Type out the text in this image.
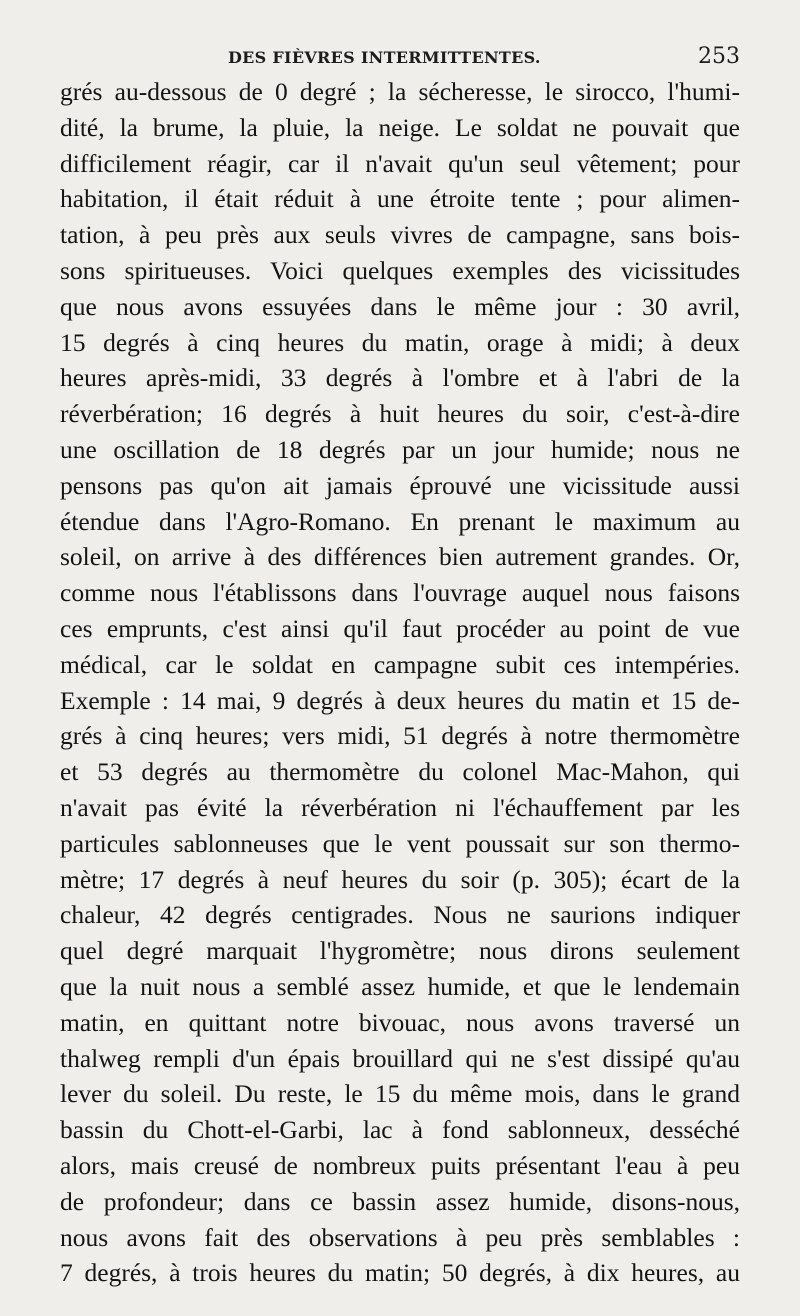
DES FIÈVRES INTERMITTENTES.	253
grés au-dessous de 0 degré ; la sécheresse, le sirocco, l'humi-
dité, la brume, la pluie, la neige. Le soldat ne pouvait que
difficilement réagir, car il n'avait qu'un seul vêtement; pour
habitation, il était réduit à une étroite tente ; pour alimen-
tation, à peu près aux seuls vivres de campagne, sans bois-
sons spiritueuses. Voici quelques exemples des vicissitudes
que nous avons essuyées dans le même jour : 30 avril,
15 degrés à cinq heures du matin, orage à midi; à deux
heures après-midi, 33 degrés à l'ombre et à l'abri de la
réverbération; 16 degrés à huit heures du soir, c'est-à-dire
une oscillation de 18 degrés par un jour humide; nous ne
pensons pas qu'on ait jamais éprouvé une vicissitude aussi
étendue dans l'Agro-Romano. En prenant le maximum au
soleil, on arrive à des différences bien autrement grandes. Or,
comme nous l'établissons dans l'ouvrage auquel nous faisons
ces emprunts, c'est ainsi qu'il faut procéder au point de vue
médical, car le soldat en campagne subit ces intempéries.
Exemple : 14 mai, 9 degrés à deux heures du matin et 15 de-
grés à cinq heures; vers midi, 51 degrés à notre thermomètre
et 53 degrés au thermomètre du colonel Mac-Mahon, qui
n'avait pas évité la réverbération ni l'échauffement par les
particules sablonneuses que le vent poussait sur son thermo-
mètre; 17 degrés à neuf heures du soir (p. 305); écart de la
chaleur, 42 degrés centigrades. Nous ne saurions indiquer
quel degré marquait l'hygromètre; nous dirons seulement
que la nuit nous a semblé assez humide, et que le lendemain
matin, en quittant notre bivouac, nous avons traversé un
thalweg rempli d'un épais brouillard qui ne s'est dissipé qu'au
lever du soleil. Du reste, le 15 du même mois, dans le grand
bassin du Chott-el-Garbi, lac à fond sablonneux, desséché
alors, mais creusé de nombreux puits présentant l'eau à peu
de profondeur; dans ce bassin assez humide, disons-nous,
nous avons fait des observations à peu près semblables :
7 degrés, à trois heures du matin; 50 degrés, à dix heures, au
